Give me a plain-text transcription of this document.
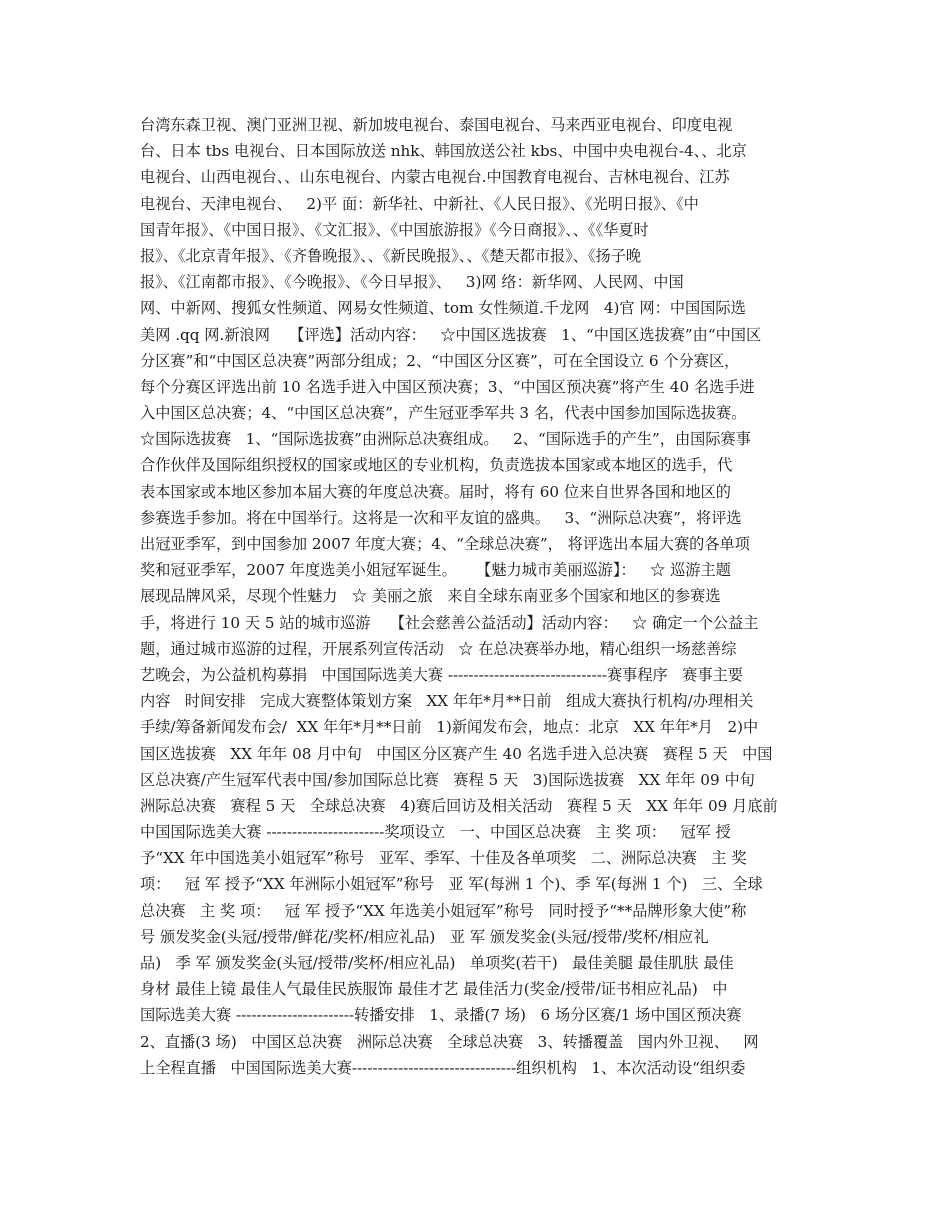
台湾东森卫视、澳门亚洲卫视、新加坡电视台、泰国电视台、马来西亚电视台、印度电视
台、日本 tbs 电视台、日本国际放送 nhk、韩国放送公社 kbs、中国中央电视台-4、、北京
电视台、山西电视台、、山东电视台、内蒙古电视台.中国教育电视台、吉林电视台、江苏
电视台、天津电视台、   2)平 面：新华社、中新社、《人民日报》、《光明日报》、《中
国青年报》、《中国日报》、《文汇报》、《中国旅游报》《今日商报》、、《《华夏时
报》、《北京青年报》、《齐鲁晚报》、、《新民晚报》、、《楚天都市报》、《扬子晚
报》、《江南都市报》、《今晚报》、《今日早报》、   3)网 络：新华网、人民网、中国
网、中新网、搜狐女性频道、网易女性频道、tom 女性频道.千龙网   4)官 网：中国国际选
美网 .qq 网.新浪网    【评选】活动内容：   ☆中国区选拔赛   1、“中国区选拔赛”由“中国区
分区赛”和“中国区总决赛”两部分组成；2、“中国区分区赛”，可在全国设立 6 个分赛区，
每个分赛区评选出前 10 名选手进入中国区预决赛；3、“中国区预决赛”将产生 40 名选手进
入中国区总决赛；4、“中国区总决赛”，产生冠亚季军共 3 名，代表中国参加国际选拔赛。
☆国际选拔赛   1、“国际选拔赛”由洲际总决赛组成。   2、“国际选手的产生”，由国际赛事
合作伙伴及国际组织授权的国家或地区的专业机构，负责选拔本国家或本地区的选手，代
表本国家或本地区参加本届大赛的年度总决赛。届时，将有 60 位来自世界各国和地区的
参赛选手参加。将在中国举行。这将是一次和平友谊的盛典。   3、“洲际总决赛”，将评选
出冠亚季军，到中国参加 2007 年度大赛；4、“全球总决赛”， 将评选出本届大赛的各单项
奖和冠亚季军，2007 年度选美小姐冠军诞生。    【魅力城市美丽巡游】：   ☆ 巡游主题
展现品牌风采，尽现个性魅力   ☆ 美丽之旅   来自全球东南亚多个国家和地区的参赛选
手，将进行 10 天 5 站的城市巡游    【社会慈善公益活动】活动内容：   ☆ 确定一个公益主
题，通过城市巡游的过程，开展系列宣传活动   ☆ 在总决赛举办地，精心组织一场慈善综
艺晚会，为公益机构募捐   中国国际选美大赛 -------------------------------赛事程序   赛事主要
内容   时间安排   完成大赛整体策划方案   XX 年年*月**日前   组成大赛执行机构/办理相关
手续/筹备新闻发布会/  XX 年年*月**日前   1)新闻发布会，地点：北京   XX 年年*月   2)中
国区选拔赛   XX 年年 08 月中旬   中国区分区赛产生 40 名选手进入总决赛   赛程 5 天   中国
区总决赛/产生冠军代表中国/参加国际总比赛   赛程 5 天   3)国际选拔赛   XX 年年 09 中旬
洲际总决赛   赛程 5 天   全球总决赛   4)赛后回访及相关活动   赛程 5 天   XX 年年 09 月底前
中国国际选美大赛 -----------------------奖项设立   一、中国区总决赛   主 奖 项：   冠军 授
予“XX 年中国选美小姐冠军”称号   亚军、季军、十佳及各单项奖   二、洲际总决赛   主 奖
项：   冠 军 授予“XX 年洲际小姐冠军”称号   亚 军(每洲 1 个)、季 军(每洲 1 个)   三、全球
总决赛   主 奖 项：   冠 军 授予“XX 年选美小姐冠军”称号   同时授予“**品牌形象大使”称
号 颁发奖金(头冠/授带/鲜花/奖杯/相应礼品)   亚 军 颁发奖金(头冠/授带/奖杯/相应礼
品)   季 军 颁发奖金(头冠/授带/奖杯/相应礼品)   单项奖(若干)   最佳美腿 最佳肌肤 最佳
身材 最佳上镜 最佳人气最佳民族服饰 最佳才艺 最佳活力(奖金/授带/证书相应礼品)   中
国际选美大赛 -----------------------转播安排   1、录播(7 场)   6 场分区赛/1 场中国区预决赛
2、直播(3 场)   中国区总决赛   洲际总决赛   全球总决赛   3、转播覆盖   国内外卫视、   网
上全程直播   中国国际选美大赛--------------------------------组织机构   1、本次活动设“组织委
